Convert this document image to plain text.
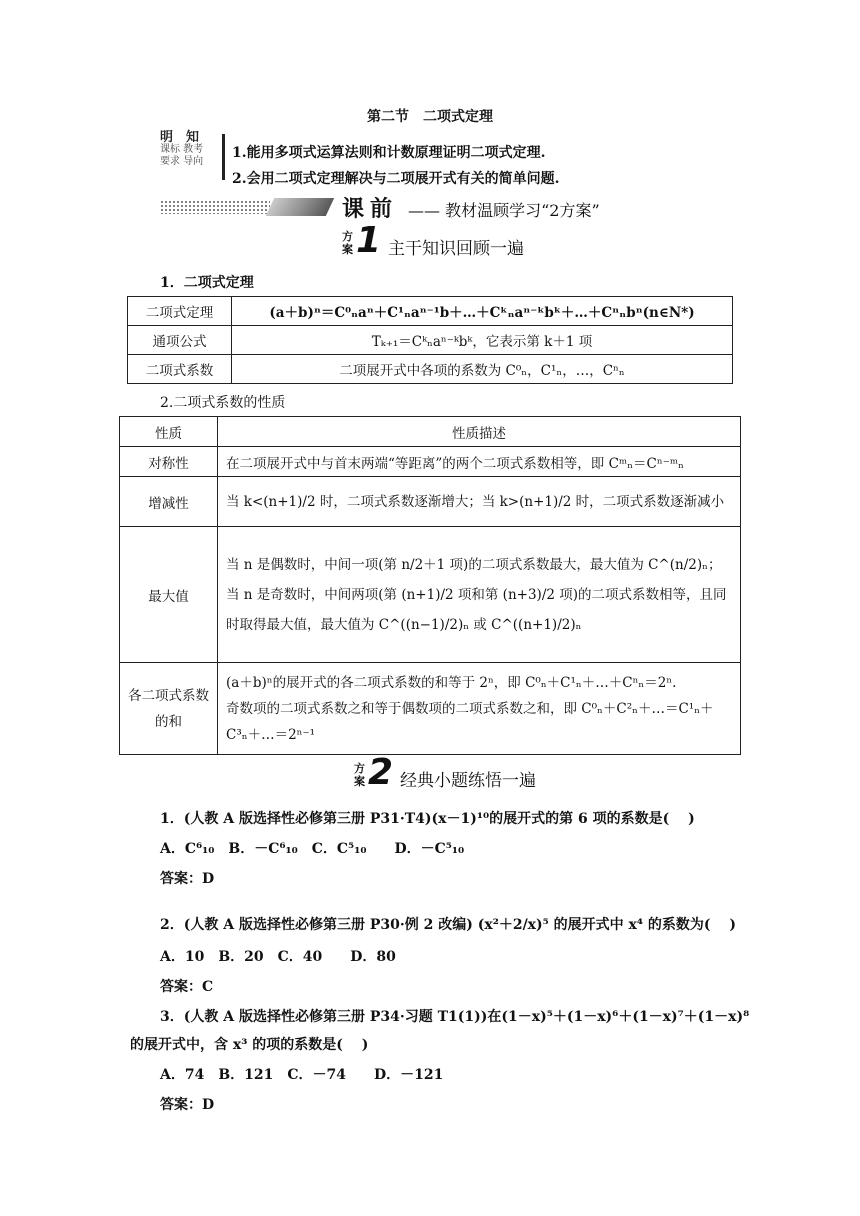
第二节　二项式定理
明　知
课标 教考
要求 导向
1.能用多项式运算法则和计数原理证明二项式定理.
2.会用二项式定理解决与二项展开式有关的简单问题.
课前 —— 教材温顾学习“2方案”
方案 1 主干知识回顾一遍
1．二项式定理
二项式定理	(a＋b)ⁿ＝C⁰ₙaⁿ＋C¹ₙaⁿ⁻¹b＋…＋Cᵏₙaⁿ⁻ᵏbᵏ＋…＋Cⁿₙbⁿ(n∈N*)
通项公式	Tₖ₊₁＝Cᵏₙaⁿ⁻ᵏbᵏ，它表示第 k＋1 项
二项式系数	二项展开式中各项的系数为 C⁰ₙ，C¹ₙ，…，Cⁿₙ
2.二项式系数的性质
性质	性质描述
对称性	在二项展开式中与首末两端“等距离”的两个二项式系数相等，即 Cᵐₙ＝Cⁿ⁻ᵐₙ
增减性	当 k<(n+1)/2 时，二项式系数逐渐增大；当 k>(n+1)/2 时，二项式系数逐渐减小
最大值	当 n 是偶数时，中间一项(第 n/2＋1 项)的二项式系数最大，最大值为 C^(n/2)ₙ；当 n 是奇数时，中间两项(第 (n+1)/2 项和第 (n+3)/2 项)的二项式系数相等，且同时取得最大值，最大值为 C^((n−1)/2)ₙ 或 C^((n+1)/2)ₙ
各二项式系数的和	(a＋b)ⁿ的展开式的各二项式系数的和等于 2ⁿ，即 C⁰ₙ＋C¹ₙ＋…＋Cⁿₙ＝2ⁿ.
奇数项的二项式系数之和等于偶数项的二项式系数之和，即 C⁰ₙ＋C²ₙ＋…＝C¹ₙ＋C³ₙ＋…＝2ⁿ⁻¹
方案 2 经典小题练悟一遍
1．(人教 A 版选择性必修第三册 P31·T4)(x－1)¹⁰的展开式的第 6 项的系数是(　 )
A．C⁶₁₀　B．－C⁶₁₀　C．C⁵₁₀　　D．－C⁵₁₀
答案：D
2．(人教 A 版选择性必修第三册 P30·例 2 改编) (x²＋2/x)⁵ 的展开式中 x⁴ 的系数为(　 )
A．10　B．20　C．40　　D．80
答案：C
3．(人教 A 版选择性必修第三册 P34·习题 T1(1))在(1－x)⁵＋(1－x)⁶＋(1－x)⁷＋(1－x)⁸
的展开式中，含 x³ 的项的系数是(　 )
A．74　B．121　C．－74　　D．－121
答案：D
